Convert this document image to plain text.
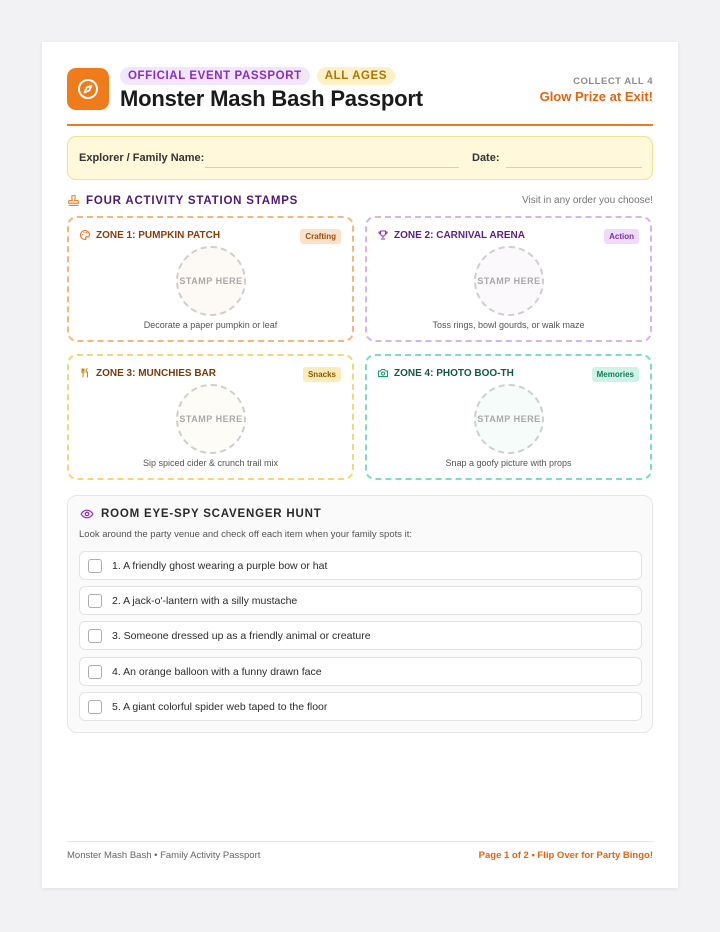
OFFICIAL EVENT PASSPORT	ALL AGES
Monster Mash Bash Passport
COLLECT ALL 4
Glow Prize at Exit!
Explorer / Family Name:	Date:
FOUR ACTIVITY STATION STAMPS	Visit in any order you choose!
ZONE 1: PUMPKIN PATCH	Crafting
STAMP HERE
Decorate a paper pumpkin or leaf
ZONE 2: CARNIVAL ARENA	Action
STAMP HERE
Toss rings, bowl gourds, or walk maze
ZONE 3: MUNCHIES BAR	Snacks
STAMP HERE
Sip spiced cider & crunch trail mix
ZONE 4: PHOTO BOO-TH	Memories
STAMP HERE
Snap a goofy picture with props
ROOM EYE-SPY SCAVENGER HUNT
Look around the party venue and check off each item when your family spots it:
1. A friendly ghost wearing a purple bow or hat
2. A jack-o'-lantern with a silly mustache
3. Someone dressed up as a friendly animal or creature
4. An orange balloon with a funny drawn face
5. A giant colorful spider web taped to the floor
Monster Mash Bash • Family Activity Passport	Page 1 of 2 • Flip Over for Party Bingo!
